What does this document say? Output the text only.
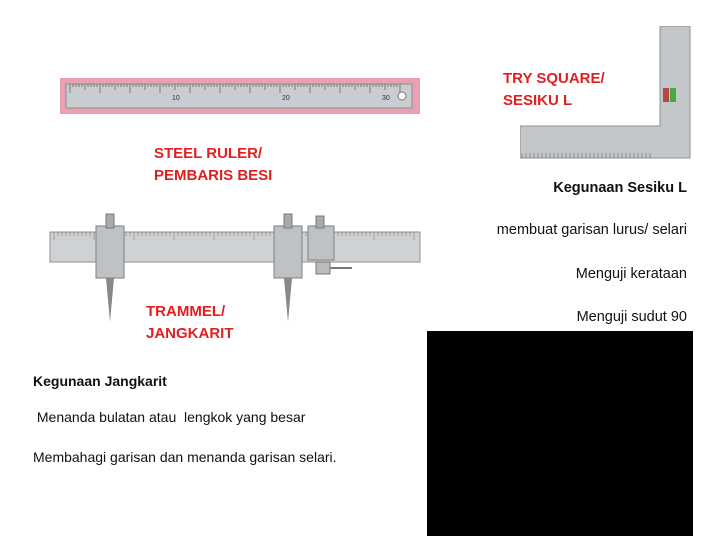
10	20	30
STEEL RULER/
PEMBARIS BESI
TRY SQUARE/
SESIKU L
TRAMMEL/
JANGKARIT
Kegunaan Sesiku L
membuat garisan lurus/ selari
Menguji kerataan
Menguji sudut 90
Kegunaan Jangkarit
Menanda bulatan atau  lengkok yang besar
Membahagi garisan dan menanda garisan selari.
